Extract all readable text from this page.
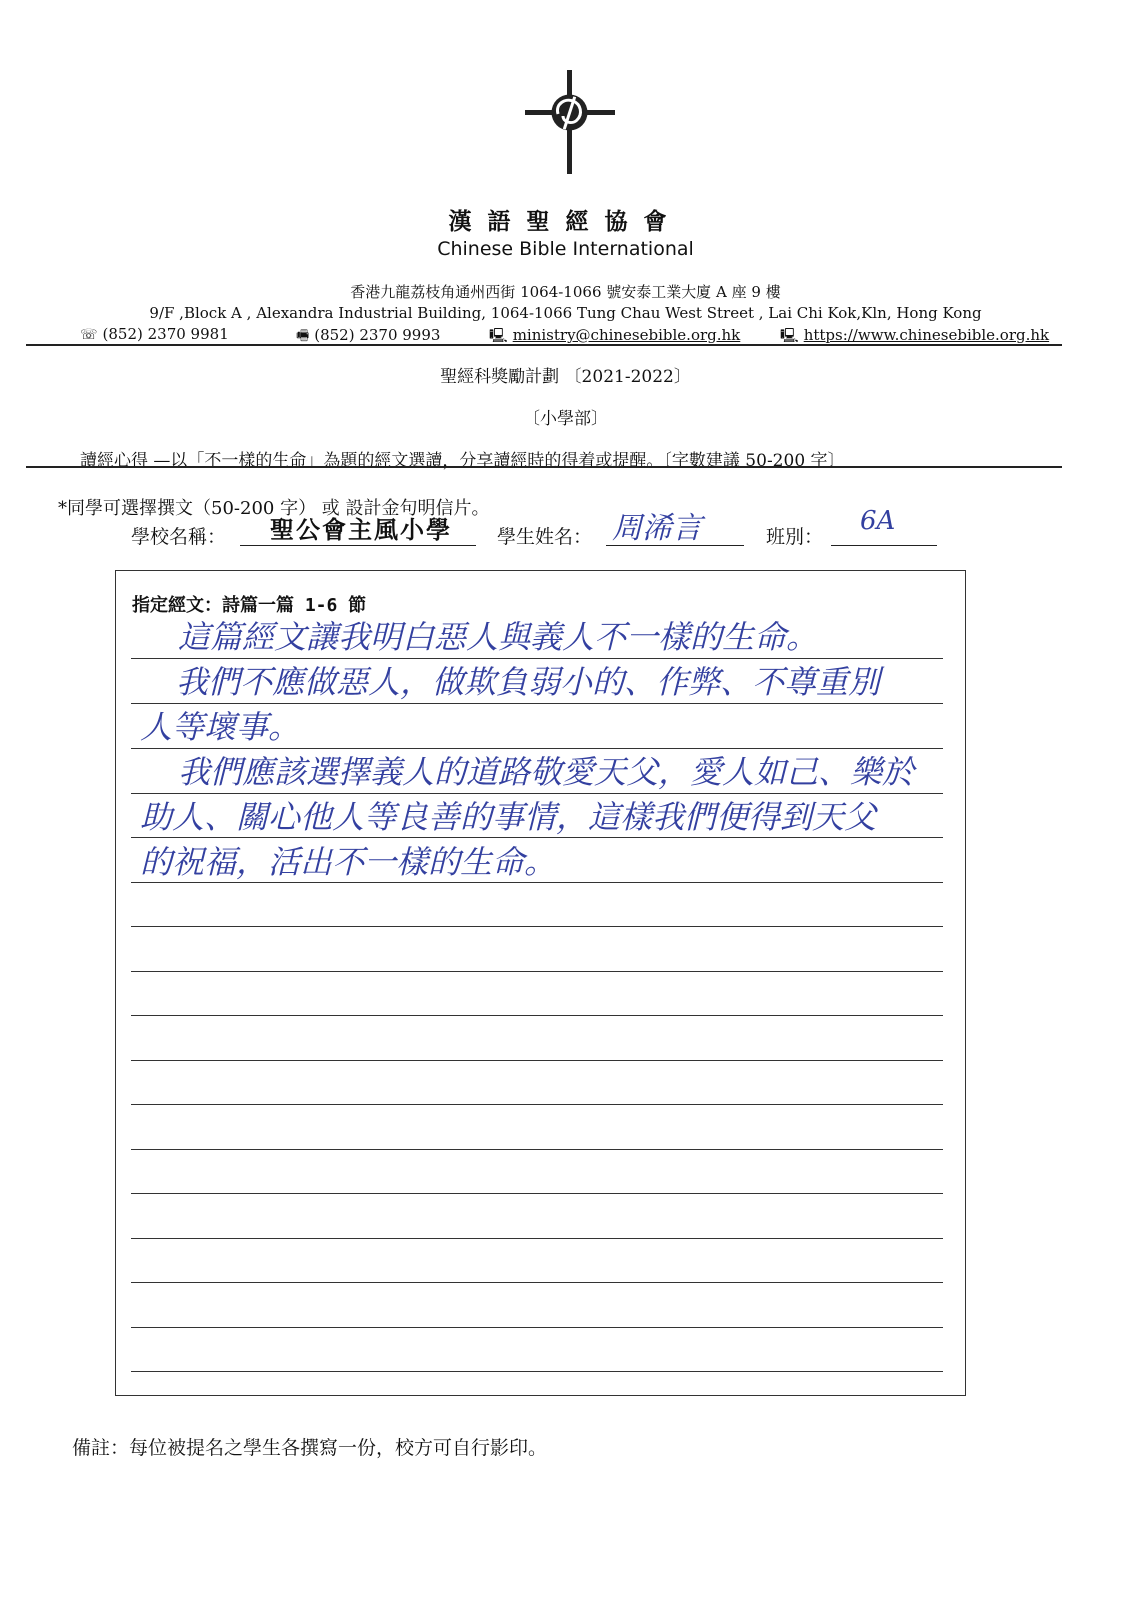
漢語聖經協會
Chinese Bible International
香港九龍荔枝角通州西街 1064-1066 號安泰工業大廈 A 座 9 樓
9/F ,Block A , Alexandra Industrial Building, 1064-1066 Tung Chau West Street , Lai Chi Kok,Kln, Hong Kong
☏ (852) 2370 9981	🖷 (852) 2370 9993	🖳 ministry@chinesebible.org.hk	🖳 https://www.chinesebible.org.hk
聖經科獎勵計劃 〔2021-2022〕
〔小學部〕
讀經心得 —以「不一樣的生命」為題的經文選讀，分享讀經時的得着或提醒。〔字數建議 50-200 字〕
*同學可選擇撰文（50-200 字） 或 設計金句明信片。
學校名稱： 聖公會主風小學 學生姓名： 周浠言	班別：
6A
指定經文：詩篇一篇 1-6 節
這篇經文讓我明白惡人與義人不一樣的生命。
我們不應做惡人，做欺負弱小的、作弊、不尊重別
人等壞事。
我們應該選擇義人的道路敬愛天父，愛人如己、樂於
助人、關心他人等良善的事情，這樣我們便得到天父
的祝福，活出不一樣的生命。
備註：每位被提名之學生各撰寫一份，校方可自行影印。
